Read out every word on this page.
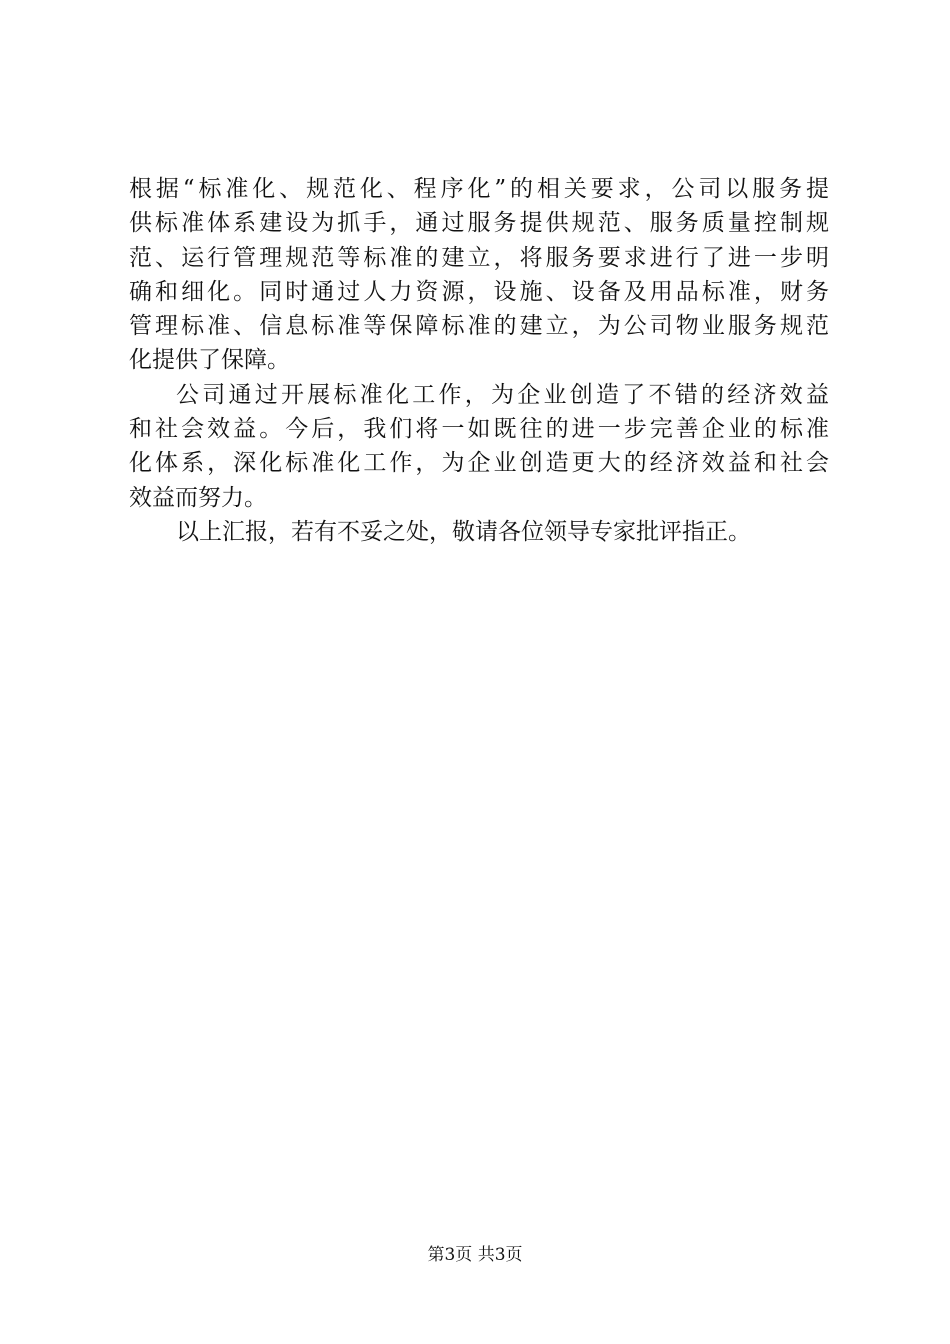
根据“标准化、规范化、程序化”的相关要求，公司以服务提
供标准体系建设为抓手，通过服务提供规范、服务质量控制规
范、运行管理规范等标准的建立，将服务要求进行了进一步明
确和细化。同时通过人力资源，设施、设备及用品标准，财务
管理标准、信息标准等保障标准的建立，为公司物业服务规范
化提供了保障。
公司通过开展标准化工作，为企业创造了不错的经济效益
和社会效益。今后，我们将一如既往的进一步完善企业的标准
化体系，深化标准化工作，为企业创造更大的经济效益和社会
效益而努力。
以上汇报，若有不妥之处，敬请各位领导专家批评指正。
第3页 共3页
